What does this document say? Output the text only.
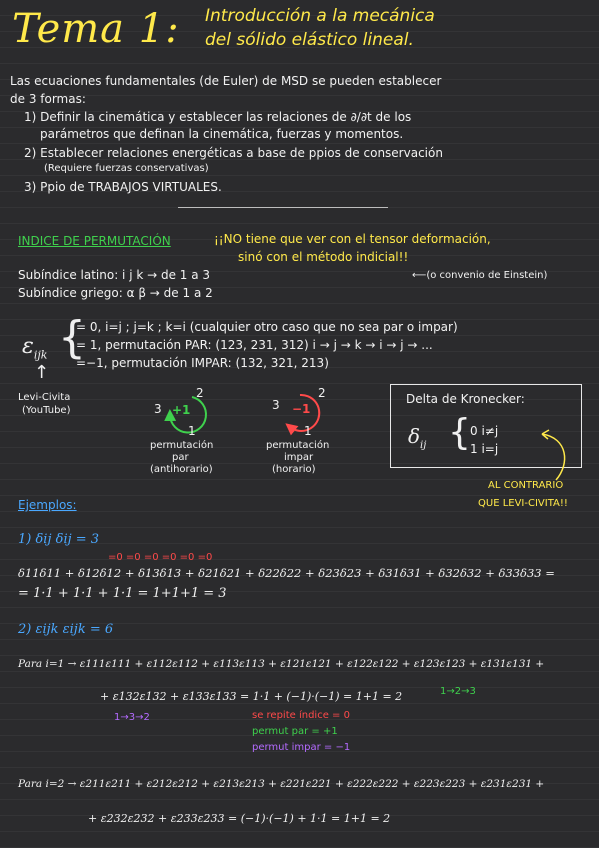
Tema 1: Introducción a la mecánica
del sólido elástico lineal.
Las ecuaciones fundamentales (de Euler) de MSD se pueden establecer
de 3 formas:
1) Definir la cinemática y establecer las relaciones de ∂/∂t de los
parámetros que definan la cinemática, fuerzas y momentos.
2) Establecer relaciones energéticas a base de ppios de conservación
(Requiere fuerzas conservativas)
3) Ppio de TRABAJOS VIRTUALES.
INDICE DE PERMUTACIÓN	¡¡NO tiene que ver con el tensor deformación,
sinó con el método indicial!!
Subíndice latino: i j k → de 1 a 3	⟵(o convenio de Einstein)
Subíndice griego: α β → de 1 a 2
$\varepsilon_{ijk}$ {
= 0, i=j ; j=k ; k=i (cualquier otro caso que no sea par o impar)
= 1, permutación PAR: (123, 231, 312) i → j → k → i → j → ...
=−1, permutación IMPAR: (132, 321, 213)
↑
Levi-Civita
(YouTube)
2
3
1
+1
2
3
1
−1
permutación
par
(antihorario)
permutación
impar
(horario)
Delta de Kronecker:
$\delta_{ij}$ { 0 i≠j
1 i=j
AL CONTRARIO
QUE LEVI-CIVITA!!
Ejemplos:
1) δij δij = 3
=0 =0 =0 =0 =0 =0
δ11δ11 + δ12δ12 + δ13δ13 + δ21δ21 + δ22δ22 + δ23δ23 + δ31δ31 + δ32δ32 + δ33δ33 =
= 1·1 + 1·1 + 1·1 = 1+1+1 = 3
2) εijk εijk = 6
Para i=1 → ε111ε111 + ε112ε112 + ε113ε113 + ε121ε121 + ε122ε122 + ε123ε123 + ε131ε131 +
1→2→3
+ ε132ε132 + ε133ε133 = 1·1 + (−1)·(−1) = 1+1 = 2
1→3→2	se repite índice = 0
permut par = +1
permut impar = −1
Para i=2 → ε211ε211 + ε212ε212 + ε213ε213 + ε221ε221 + ε222ε222 + ε223ε223 + ε231ε231 +
+ ε232ε232 + ε233ε233 = (−1)·(−1) + 1·1 = 1+1 = 2
